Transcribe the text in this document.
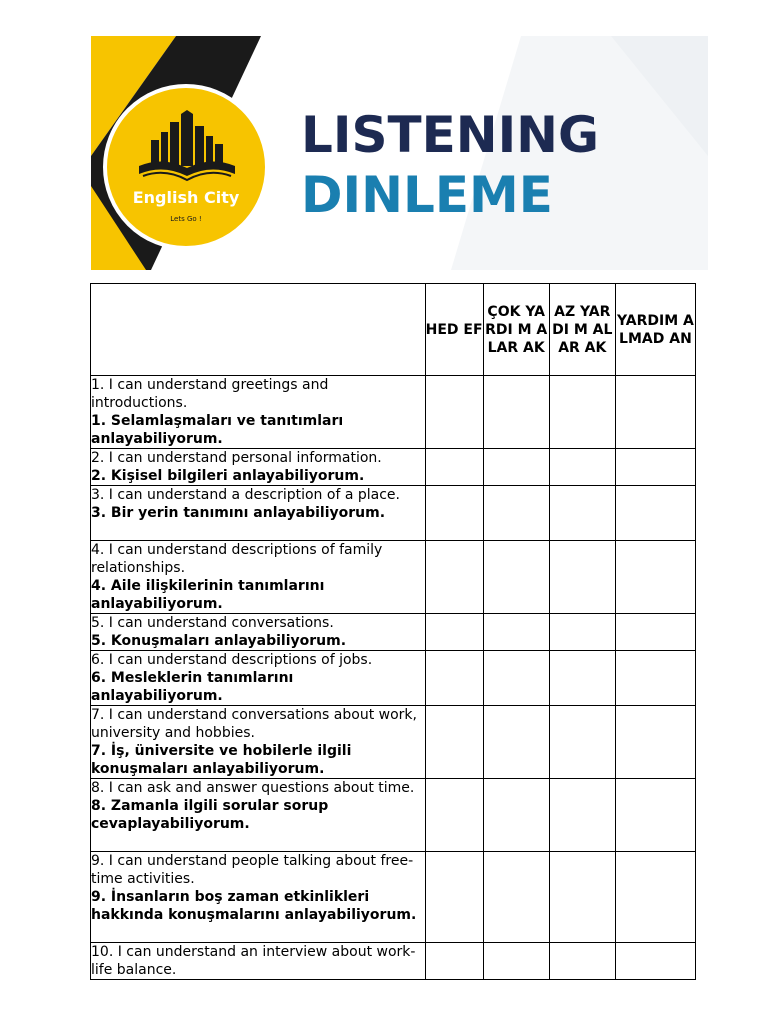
English City
Lets Go !
LISTENING
DINLEME
	HED EF	ÇOK YARDI M ALAR AK	AZ YARDI M ALAR AK	YARDIM ALMAD AN

1. I can understand greetings and introductions.
1. Selamlaşmaları ve tanıtımları anlayabiliyorum.				

2. I can understand personal information.
2. Kişisel bilgileri anlayabiliyorum.				

3. I can understand a description of a place.
3. Bir yerin tanımını anlayabiliyorum.				

4. I can understand descriptions of family relationships.
4. Aile ilişkilerinin tanımlarını anlayabiliyorum.				

5. I can understand conversations.
5. Konuşmaları anlayabiliyorum.				

6. I can understand descriptions of jobs.
6. Mesleklerin tanımlarını anlayabiliyorum.				

7. I can understand conversations about work, university and hobbies.
7. İş, üniversite ve hobilerle ilgili konuşmaları anlayabiliyorum.				

8. I can ask and answer questions about time.
8. Zamanla ilgili sorular sorup cevaplayabiliyorum.				

9. I can understand people talking about free-time activities.
9. İnsanların boş zaman etkinlikleri hakkında konuşmalarını anlayabiliyorum.				

10. I can understand an interview about work-life balance.				
